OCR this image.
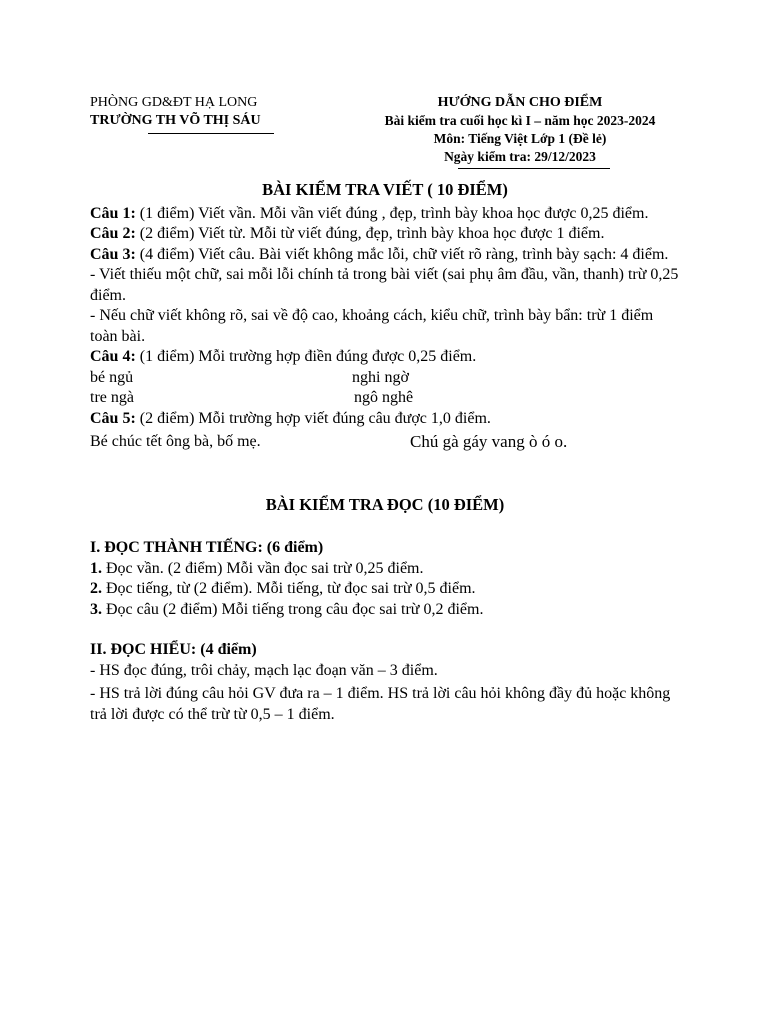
PHÒNG GD&ĐT HẠ LONG
TRƯỜNG TH VÕ THỊ SÁU
HƯỚNG DẪN CHO ĐIỂM
Bài kiểm tra cuối học kì I – năm học 2023-2024
Môn: Tiếng Việt Lớp 1 (Đề lẻ)
Ngày kiểm tra: 29/12/2023
BÀI KIỂM TRA VIẾT ( 10 ĐIỂM)

Câu 1: (1 điểm) Viết vần. Mỗi vần viết đúng , đẹp, trình bày khoa học được 0,25 điểm.

Câu 2: (2 điểm) Viết từ. Mỗi từ viết đúng, đẹp, trình bày khoa học được 1 điểm.

Câu 3: (4 điểm) Viết câu. Bài viết không mắc lỗi, chữ viết rõ ràng, trình bày sạch: 4 điểm.

- Viết thiếu một chữ, sai mỗi lỗi chính tả trong bài viết (sai phụ âm đầu, vần, thanh) trừ 0,25 điểm.

- Nếu chữ viết không rõ, sai về độ cao, khoảng cách, kiểu chữ, trình bày bẩn: trừ 1 điểm toàn bài.

Câu 4: (1 điểm) Mỗi trường hợp điền đúng được 0,25 điểm.

bé ngủ	nghi ngờ
tre ngà	ngô nghê

Câu 5: (2 điểm) Mỗi trường hợp viết đúng câu được 1,0 điểm.

Bé chúc tết ông bà, bố mẹ.	Chú gà gáy vang ò ó o.
BÀI KIỂM TRA ĐỌC (10 ĐIỂM)

I. ĐỌC THÀNH TIẾNG: (6 điểm)

1. Đọc vần. (2 điểm) Mỗi vần đọc sai trừ 0,25 điểm.

2. Đọc tiếng, từ (2 điểm). Mỗi tiếng, từ đọc sai trừ 0,5 điểm.

3. Đọc câu (2 điểm) Mỗi tiếng trong câu đọc sai trừ 0,2 điểm.

II. ĐỌC HIỂU: (4 điểm)

- HS đọc đúng, trôi chảy, mạch lạc đoạn văn – 3 điểm.

- HS trả lời đúng câu hỏi GV đưa ra – 1 điểm. HS trả lời câu hỏi không đầy đủ hoặc không trả lời được có thể trừ từ 0,5 – 1 điểm.
